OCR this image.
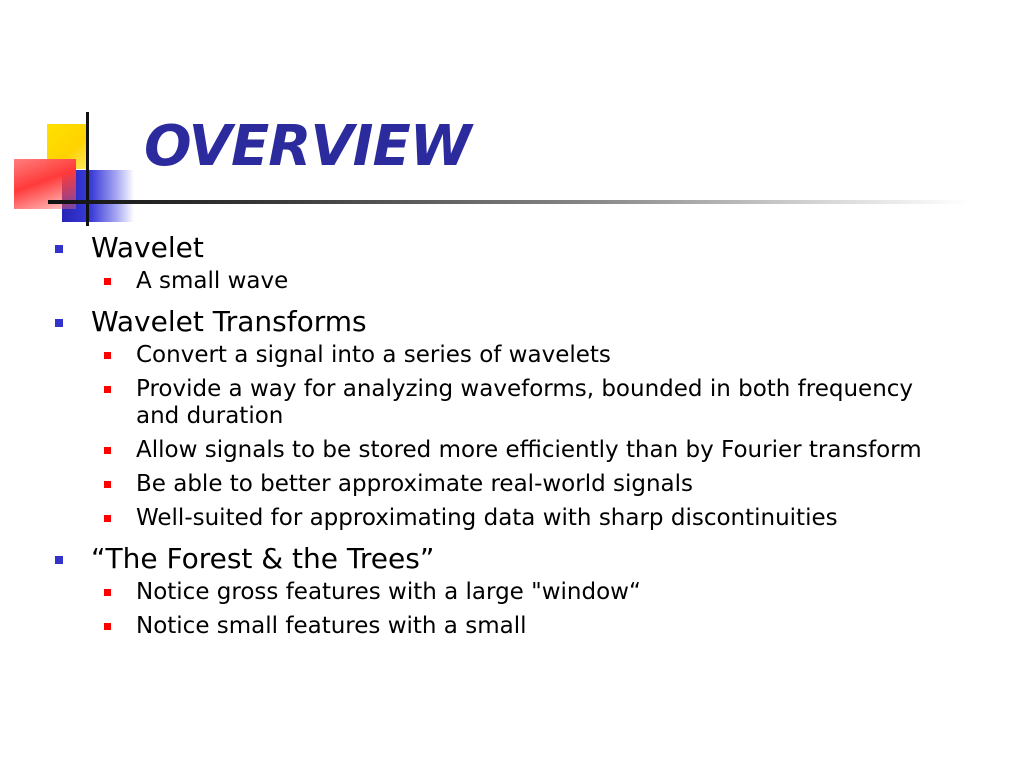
OVERVIEW
Wavelet
A small wave
Wavelet Transforms
Convert a signal into a series of wavelets
Provide a way for analyzing waveforms, bounded in both frequency and duration
Allow signals to be stored more efficiently than by Fourier transform
Be able to better approximate real-world signals
Well-suited for approximating data with sharp discontinuities
“The Forest & the Trees”
Notice gross features with a large "window“
Notice small features with a small
